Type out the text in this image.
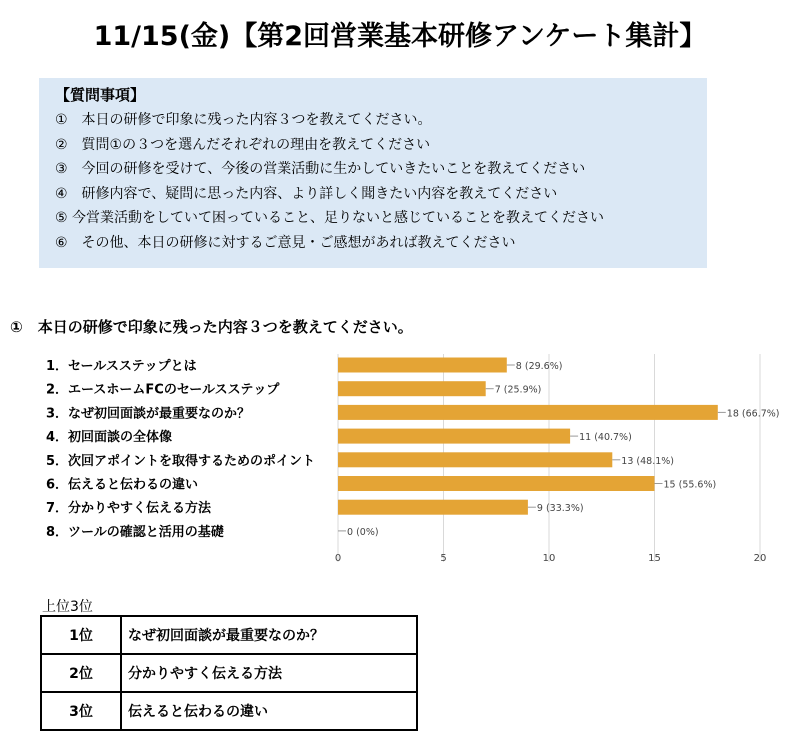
11/15(金)【第2回営業基本研修アンケート集計】
【質問事項】
①　本日の研修で印象に残った内容３つを教えてください。
②　質問①の３つを選んだそれぞれの理由を教えてください
③　今回の研修を受けて、今後の営業活動に生かしていきたいことを教えてください
④　研修内容で、疑問に思った内容、より詳しく聞きたい内容を教えてください
⑤ 今営業活動をしていて困っていること、足りないと感じていることを教えてください
⑥　その他、本日の研修に対するご意見・ご感想があれば教えてください
①　本日の研修で印象に残った内容３つを教えてください。
1．セールスステップとは	8 (29.6%)
2．エースホームFCのセールスステップ	7 (25.9%)
3．なぜ初回面談が最重要なのか？	18 (66.7%)
4．初回面談の全体像	11 (40.7%)
5．次回アポイントを取得するためのポイント	13 (48.1%)
6．伝えると伝わるの違い	15 (55.6%)
7．分かりやすく伝える方法	9 (33.3%)
8．ツールの確認と活用の基礎	0 (0%)
0	5	10	15	20
上位3位
1位	なぜ初回面談が最重要なのか？
2位	分かりやすく伝える方法
3位	伝えると伝わるの違い
